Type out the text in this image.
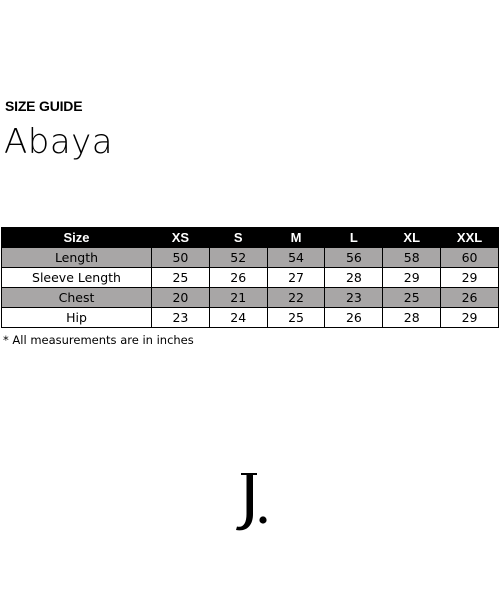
SIZE GUIDE
Abaya
Size	XS	S	M	L	XL	XXL
Length	50	52	54	56	58	60
Sleeve Length	25	26	27	28	29	29
Chest	20	21	22	23	25	26
Hip	23	24	25	26	28	29
* All measurements are in inches
